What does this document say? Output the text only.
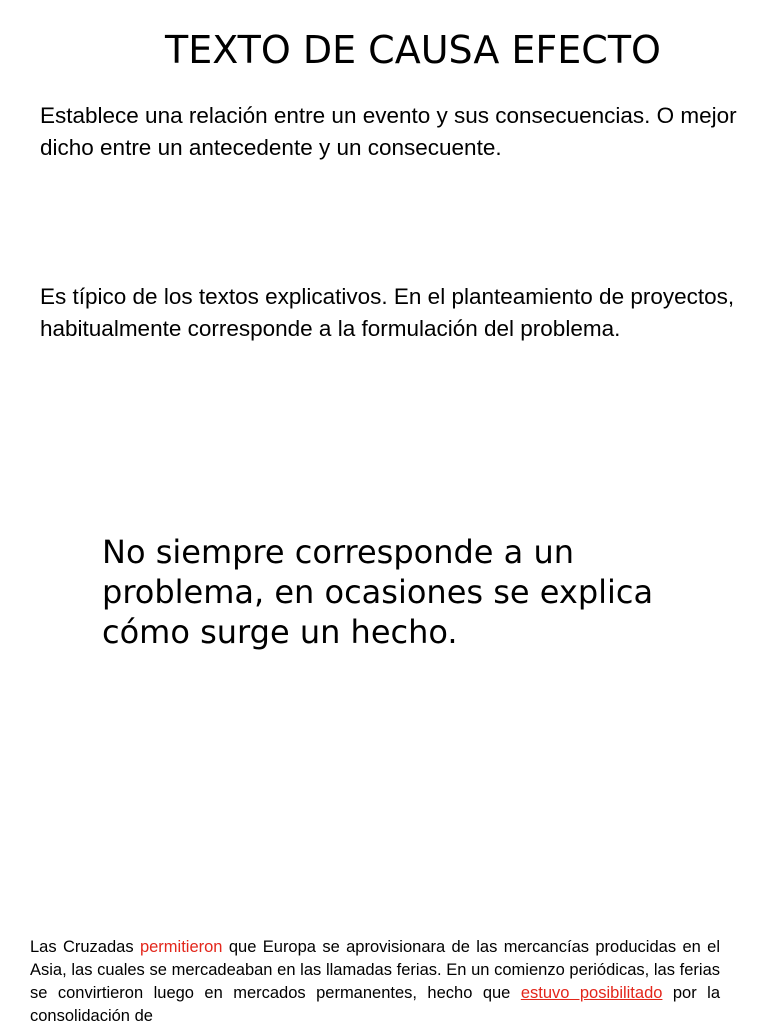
TEXTO DE CAUSA EFECTO

Establece una relación entre un evento y sus consecuencias. O mejor dicho entre un antecedente y un consecuente.

Es típico de los textos explicativos. En el planteamiento de proyectos, habitualmente corresponde a la formulación del problema.

No siempre corresponde a un problema, en ocasiones se explica cómo surge un hecho.

Las Cruzadas permitieron que Europa se aprovisionara de las mercancías producidas en el Asia, las cuales se mercadeaban en las llamadas ferias. En un comienzo periódicas, las ferias se convirtieron luego en mercados permanentes, hecho que estuvo posibilitado por la consolidación de
